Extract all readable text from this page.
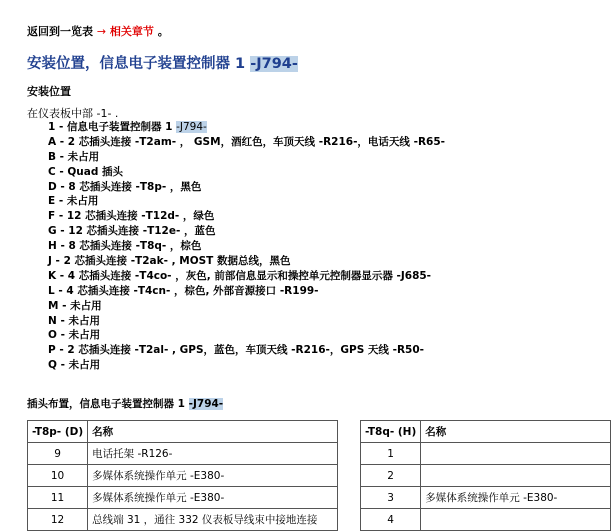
返回到一览表 → 相关章节 。
安装位置，信息电子装置控制器 1 -J794-
安装位置
在仪表板中部 -1- .
1 - 信息电子装置控制器 1 -J794-
A - 2 芯插头连接 -T2am- ， GSM，酒红色，车顶天线 -R216-，电话天线 -R65-
B - 未占用
C - Quad 插头
D - 8 芯插头连接 -T8p- ，黑色
E - 未占用
F - 12 芯插头连接 -T12d- ，绿色
G - 12 芯插头连接 -T12e- ，蓝色
H - 8 芯插头连接 -T8q- ，棕色
J - 2 芯插头连接 -T2ak- , MOST 数据总线，黑色
K - 4 芯插头连接 -T4co- ，灰色, 前部信息显示和操控单元控制器显示器 -J685-
L - 4 芯插头连接 -T4cn- ，棕色, 外部音源接口 -R199-
M - 未占用
N - 未占用
O - 未占用
P - 2 芯插头连接 -T2al- , GPS，蓝色，车顶天线 -R216-，GPS 天线 -R50-
Q - 未占用
插头布置，信息电子装置控制器 1 -J794-
-T8p- (D)	名称		-T8q- (H)	名称
9	电话托架 -R126-		1	
10	多媒体系统操作单元 -E380-		2	
11	多媒体系统操作单元 -E380-		3	多媒体系统操作单元 -E380-
12	总线端 31 ，通往 332 仪表板导线束中接地连接		4	
